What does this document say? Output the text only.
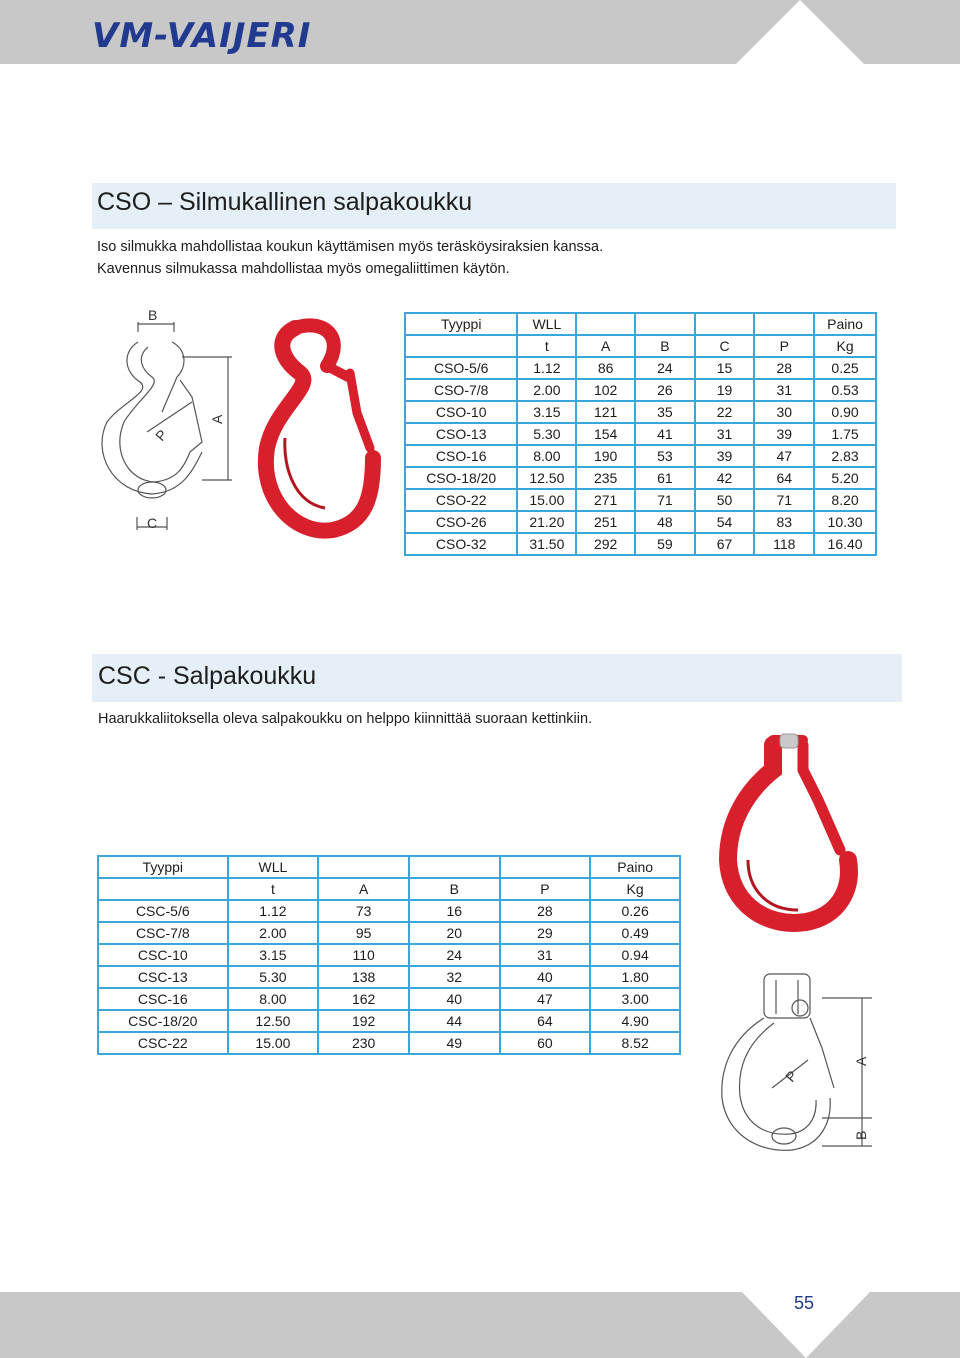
VM-VAIJERI
CSO – Silmukallinen salpakoukku
Iso silmukka mahdollistaa koukun käyttämisen myös teräsköysiraksien kanssa.
Kavennus silmukassa mahdollistaa myös omegaliittimen käytön.
B
A
P
C
Tyyppi	WLL					Paino
	t	A	B	C	P	Kg
CSO-5/6	1.12	86	24	15	28	0.25
CSO-7/8	2.00	102	26	19	31	0.53
CSO-10	3.15	121	35	22	30	0.90
CSO-13	5.30	154	41	31	39	1.75
CSO-16	8.00	190	53	39	47	2.83
CSO-18/20	12.50	235	61	42	64	5.20
CSO-22	15.00	271	71	50	71	8.20
CSO-26	21.20	251	48	54	83	10.30
CSO-32	31.50	292	59	67	118	16.40
CSC - Salpakoukku
Haarukkaliitoksella oleva salpakoukku on helppo kiinnittää suoraan kettinkiin.
Tyyppi	WLL				Paino
	t	A	B	P	Kg
CSC-5/6	1.12	73	16	28	0.26
CSC-7/8	2.00	95	20	29	0.49
CSC-10	3.15	110	24	31	0.94
CSC-13	5.30	138	32	40	1.80
CSC-16	8.00	162	40	47	3.00
CSC-18/20	12.50	192	44	64	4.90
CSC-22	15.00	230	49	60	8.52
P
A
B
55
